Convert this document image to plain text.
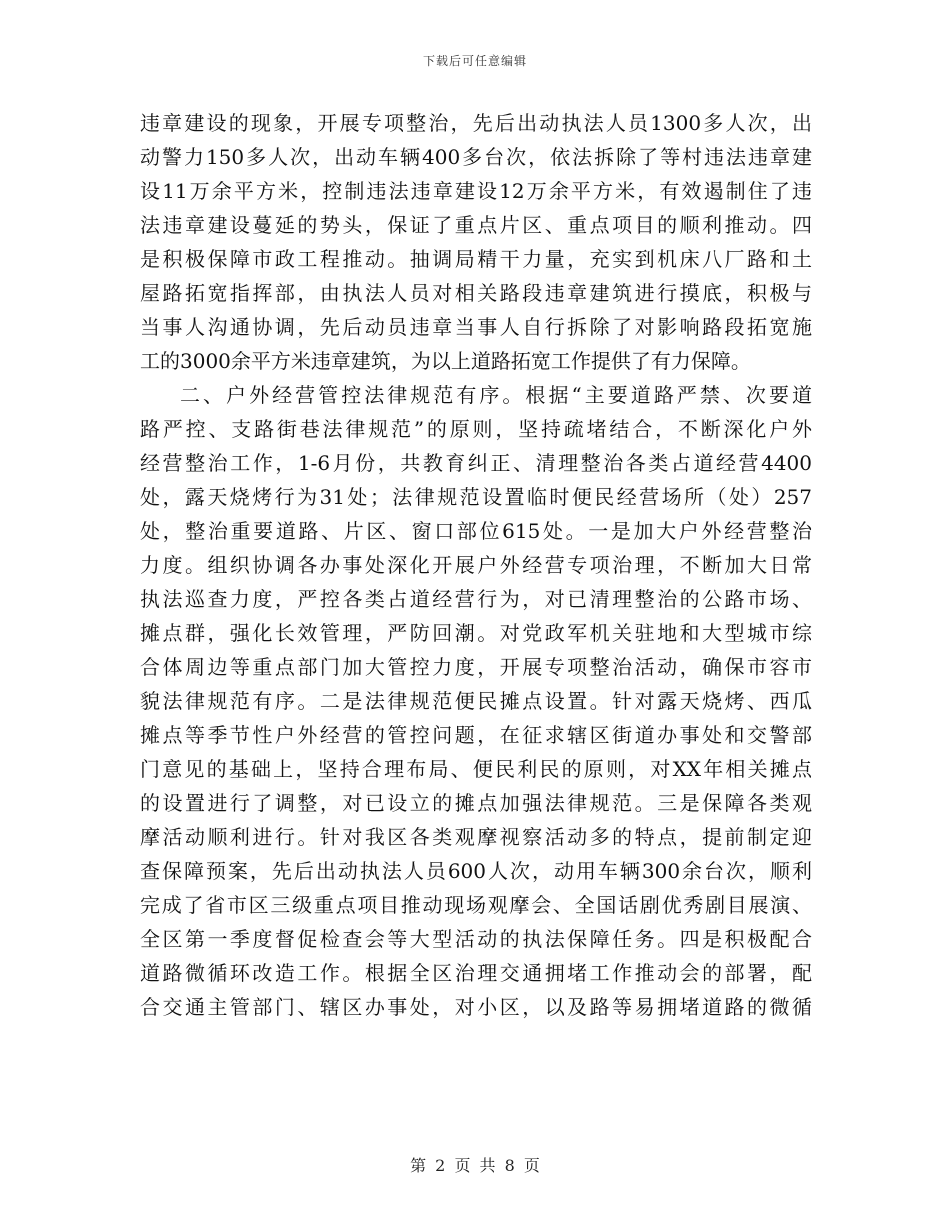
下载后可任意编辑
违章建设的现象，开展专项整治，先后出动执法人员1300多人次，出
动警力150多人次，出动车辆400多台次，依法拆除了等村违法违章建
设11万余平方米，控制违法违章建设12万余平方米，有效遏制住了违
法违章建设蔓延的势头，保证了重点片区、重点项目的顺利推动。四
是积极保障市政工程推动。抽调局精干力量，充实到机床八厂路和土
屋路拓宽指挥部，由执法人员对相关路段违章建筑进行摸底，积极与
当事人沟通协调，先后动员违章当事人自行拆除了对影响路段拓宽施
工的3000余平方米违章建筑，为以上道路拓宽工作提供了有力保障。
二、户外经营管控法律规范有序。根据“主要道路严禁、次要道
路严控、支路街巷法律规范”的原则，坚持疏堵结合，不断深化户外
经营整治工作，1-6月份，共教育纠正、清理整治各类占道经营4400
处，露天烧烤行为31处；法律规范设置临时便民经营场所（处）257
处，整治重要道路、片区、窗口部位615处。一是加大户外经营整治
力度。组织协调各办事处深化开展户外经营专项治理，不断加大日常
执法巡查力度，严控各类占道经营行为，对已清理整治的公路市场、
摊点群，强化长效管理，严防回潮。对党政军机关驻地和大型城市综
合体周边等重点部门加大管控力度，开展专项整治活动，确保市容市
貌法律规范有序。二是法律规范便民摊点设置。针对露天烧烤、西瓜
摊点等季节性户外经营的管控问题，在征求辖区街道办事处和交警部
门意见的基础上，坚持合理布局、便民利民的原则，对XX年相关摊点
的设置进行了调整，对已设立的摊点加强法律规范。三是保障各类观
摩活动顺利进行。针对我区各类观摩视察活动多的特点，提前制定迎
查保障预案，先后出动执法人员600人次，动用车辆300余台次，顺利
完成了省市区三级重点项目推动现场观摩会、全国话剧优秀剧目展演、
全区第一季度督促检查会等大型活动的执法保障任务。四是积极配合
道路微循环改造工作。根据全区治理交通拥堵工作推动会的部署，配
合交通主管部门、辖区办事处，对小区，以及路等易拥堵道路的微循
第 2 页 共 8 页
